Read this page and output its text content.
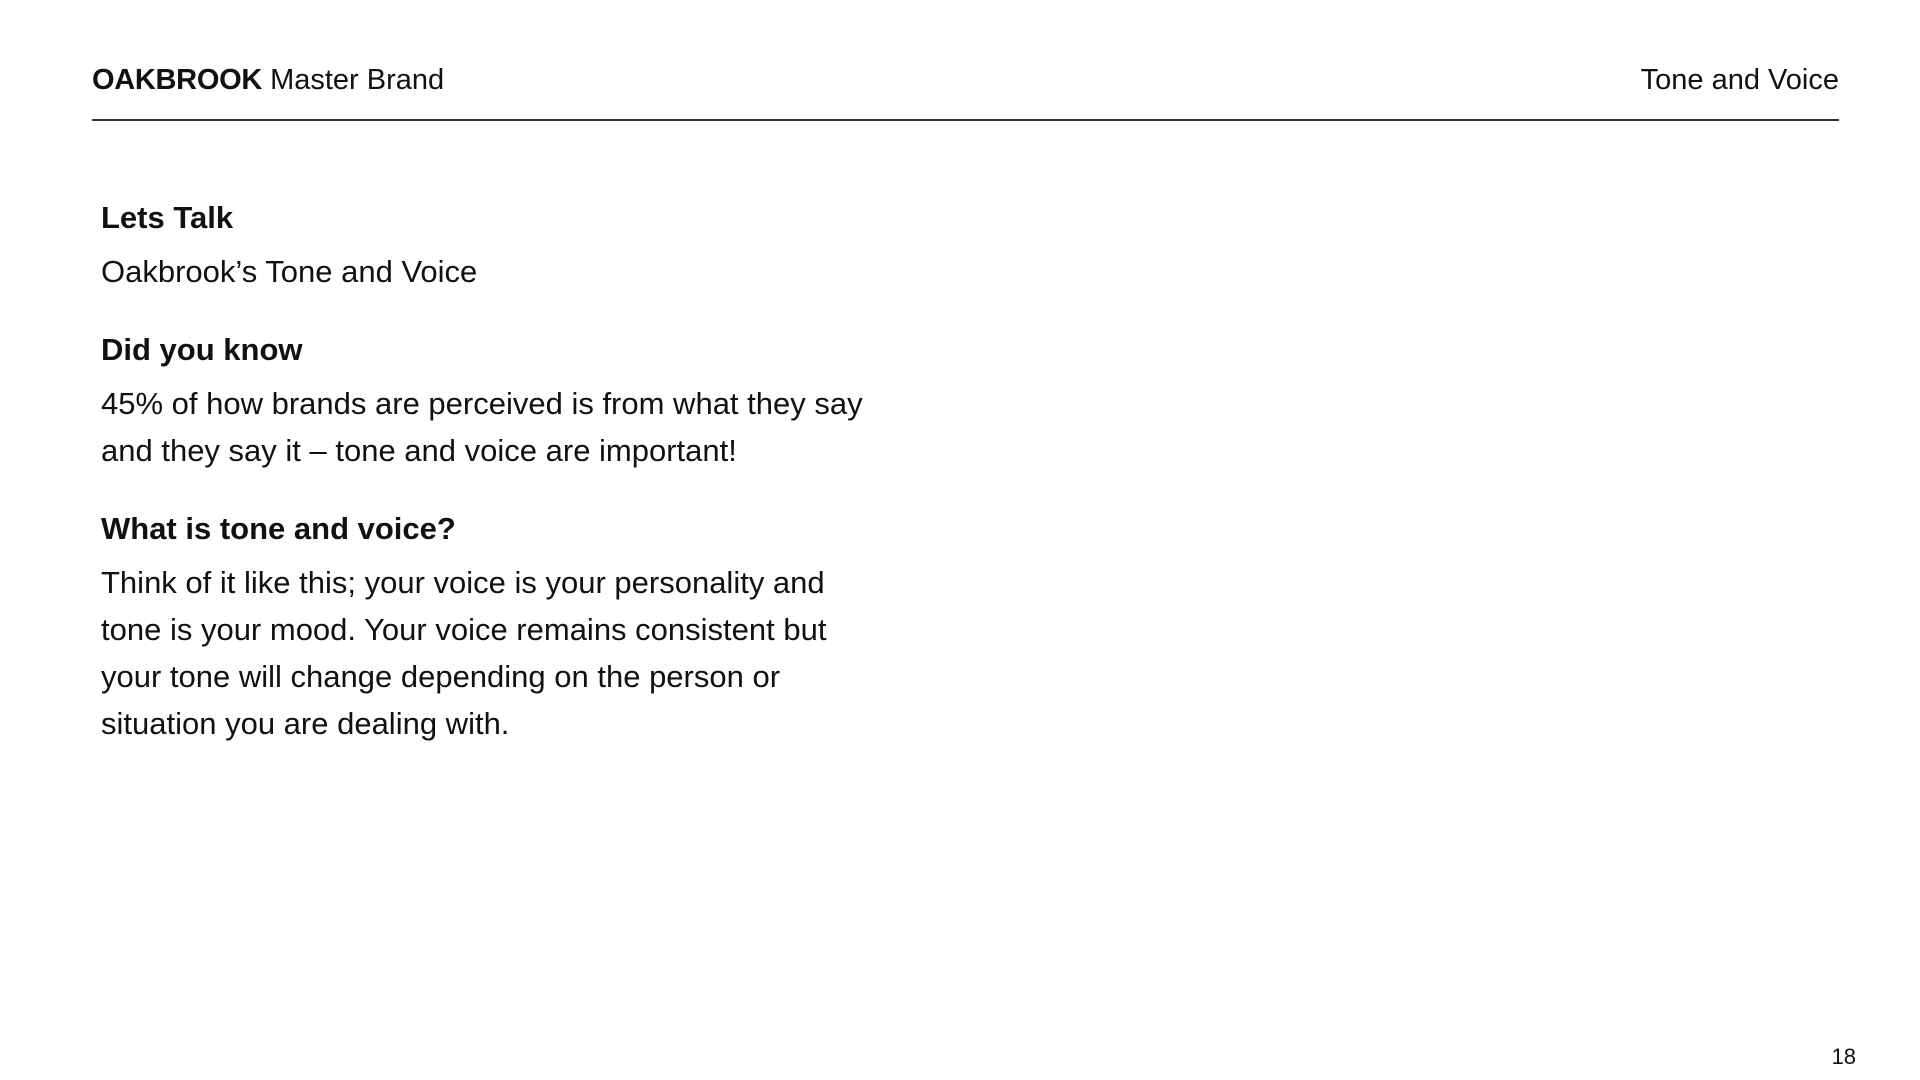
OAKBROOK Master Brand	Tone and Voice
Lets Talk

Oakbrook’s Tone and Voice

Did you know

45% of how brands are perceived is from what they say and they say it – tone and voice are important!

What is tone and voice?

Think of it like this; your voice is your personality and tone is your mood. Your voice remains consistent but your tone will change depending on the person or situation you are dealing with.

18
